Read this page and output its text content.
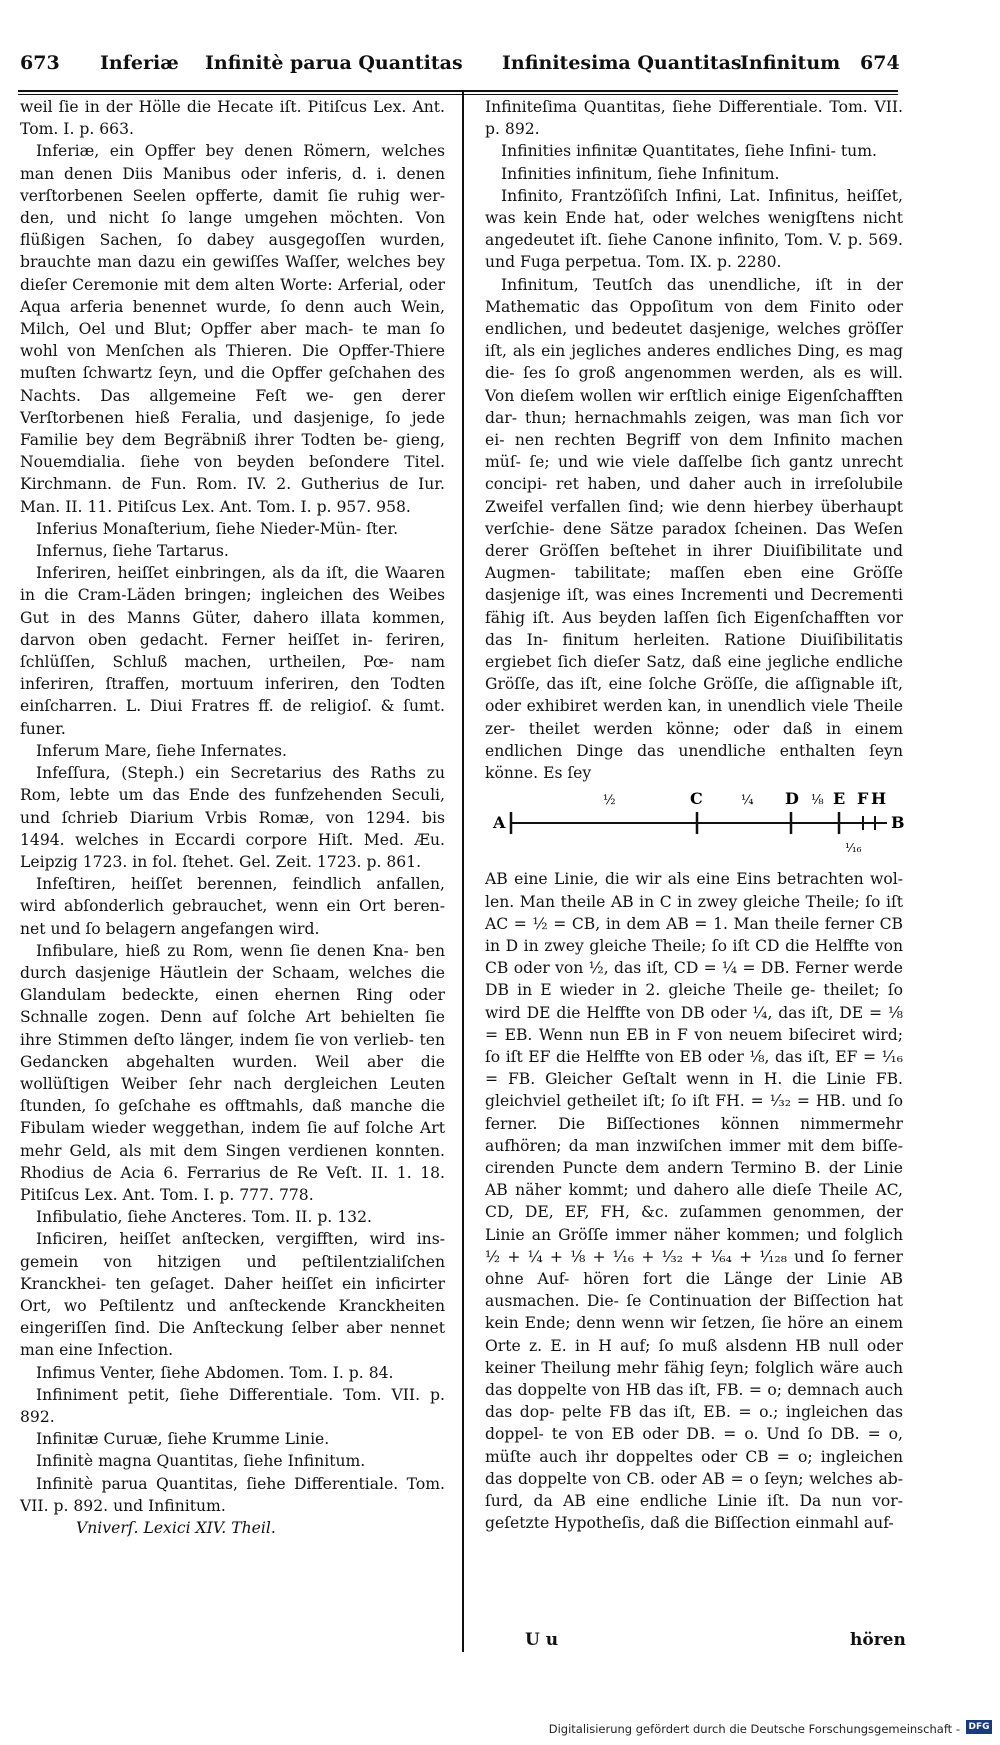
673 Inferiæ Infinitè parua Quantitas Infinitesima Quantitas
Infinitum 674

weil ſie in der Hölle die Hecate iſt. Pitiſcus Lex. Ant. Tom. I. p. 663.

Inferiæ, ein Opffer bey denen Römern, welches man denen Diis Manibus oder inferis, d. i. denen verſtorbenen Seelen opfferte, damit ſie ruhig wer- den, und nicht ſo lange umgehen möchten. Von flüßigen Sachen, ſo dabey ausgegoſſen wurden, brauchte man dazu ein gewiſſes Waſſer, welches bey dieſer Ceremonie mit dem alten Worte: Arferial, oder Aqua arferia benennet wurde, ſo denn auch Wein, Milch, Oel und Blut; Opffer aber mach- te man ſo wohl von Menſchen als Thieren. Die Opffer-Thiere muſten ſchwartz ſeyn, und die Opffer geſchahen des Nachts. Das allgemeine Feſt we- gen derer Verſtorbenen hieß Feralia, und dasjenige, ſo jede Familie bey dem Begräbniß ihrer Todten be- gieng, Nouemdialia. ſiehe von beyden beſondere Titel. Kirchmann. de Fun. Rom. IV. 2. Gutherius de Iur. Man. II. 11. Pitiſcus Lex. Ant. Tom. I. p. 957. 958.

Inferius Monaſterium, ſiehe Nieder-Mün- ſter.

Infernus, ſiehe Tartarus.

Inferiren, heiſſet einbringen, als da iſt, die Waaren in die Cram-Läden bringen; ingleichen des Weibes Gut in des Manns Güter, dahero illata kommen, darvon oben gedacht. Ferner heiſſet in- feriren, ſchlüſſen, Schluß machen, urtheilen, Pœ- nam inferiren, ſtraffen, mortuum inferiren, den Todten einſcharren. L. Diui Fratres ff. de religioſ. & ſumt. funer.

Inferum Mare, ſiehe Infernates.

Infeſſura, (Steph.) ein Secretarius des Raths zu Rom, lebte um das Ende des funfzehenden Seculi, und ſchrieb Diarium Vrbis Romæ, von 1294. bis 1494. welches in Eccardi corpore Hiſt. Med. Æu. Leipzig 1723. in fol. ſtehet. Gel. Zeit. 1723. p. 861.

Infeſtiren, heiſſet berennen, feindlich anfallen, wird abſonderlich gebrauchet, wenn ein Ort beren- net und ſo belagern angefangen wird.

Infibulare, hieß zu Rom, wenn ſie denen Kna- ben durch dasjenige Häutlein der Schaam, welches die Glandulam bedeckte, einen ehernen Ring oder Schnalle zogen. Denn auf ſolche Art behielten ſie ihre Stimmen deſto länger, indem ſie von verlieb- ten Gedancken abgehalten wurden. Weil aber die wollüſtigen Weiber ſehr nach dergleichen Leuten ſtunden, ſo geſchahe es offtmahls, daß manche die Fibulam wieder weggethan, indem ſie auf ſolche Art mehr Geld, als mit dem Singen verdienen konnten. Rhodius de Acia 6. Ferrarius de Re Veſt. II. 1. 18. Pitiſcus Lex. Ant. Tom. I. p. 777. 778.

Infibulatio, ſiehe Ancteres. Tom. II. p. 132.

Inficiren, heiſſet anſtecken, vergifften, wird ins- gemein von hitzigen und peſtilentzialiſchen Kranckhei- ten geſaget. Daher heiſſet ein inficirter Ort, wo Peſtilentz und anſteckende Kranckheiten eingeriſſen ſind. Die Anſteckung ſelber aber nennet man eine Infection.

Infimus Venter, ſiehe Abdomen. Tom. I. p. 84.

Infiniment petit, ſiehe Differentiale. Tom. VII. p. 892.

Infinitæ Curuæ, ſiehe Krumme Linie.

Infinitè magna Quantitas, ſiehe Infinitum.

Infinitè parua Quantitas, ſiehe Differentiale. Tom. VII. p. 892. und Infinitum.

Vniverſ. Lexici XIV. Theil.

Infiniteſima Quantitas, ſiehe Differentiale. Tom. VII. p. 892.

Infinities infinitæ Quantitates, ſiehe Infini- tum.

Infinities infinitum, ſiehe Infinitum.

Infinito, Frantzöſiſch Infini, Lat. Infinitus, heiſſet, was kein Ende hat, oder welches wenigſtens nicht angedeutet iſt. ſiehe Canone infinito, Tom. V. p. 569. und Fuga perpetua. Tom. IX. p. 2280.

Infinitum, Teutſch das unendliche, iſt in der Mathematic das Oppoſitum von dem Finito oder endlichen, und bedeutet dasjenige, welches gröſſer iſt, als ein jegliches anderes endliches Ding, es mag die- ſes ſo groß angenommen werden, als es will. Von dieſem wollen wir erſtlich einige Eigenſchafften dar- thun; hernachmahls zeigen, was man ſich vor ei- nen rechten Begriff von dem Infinito machen müſ- ſe; und wie viele daſſelbe ſich gantz unrecht concipi- ret haben, und daher auch in irreſolubile Zweifel verfallen ſind; wie denn hierbey überhaupt verſchie- dene Sätze paradox ſcheinen. Das Weſen derer Gröſſen beſtehet in ihrer Diuiſibilitate und Augmen- tabilitate; maſſen eben eine Gröſſe dasjenige iſt, was eines Incrementi und Decrementi fähig iſt. Aus beyden laſſen ſich Eigenſchafften vor das In- finitum herleiten. Ratione Diuiſibilitatis ergiebet ſich dieſer Satz, daß eine jegliche endliche Gröſſe, das iſt, eine ſolche Gröſſe, die aſſignable iſt, oder exhibiret werden kan, in unendlich viele Theile zer- theilet werden könne; oder daß in einem endlichen Dinge das unendliche enthalten ſeyn könne. Es ſey

A	B
½	C	¼ D ⅛ E F H
¹⁄₁₆

AB eine Linie, die wir als eine Eins betrachten wol- len. Man theile AB in C in zwey gleiche Theile; ſo iſt AC = ½ = CB, in dem AB = 1. Man theile ferner CB in D in zwey gleiche Theile; ſo iſt CD die Helffte von CB oder von ½, das iſt, CD = ¼ = DB. Ferner werde DB in E wieder in 2. gleiche Theile ge- theilet; ſo wird DE die Helffte von DB oder ¼, das iſt, DE = ⅛ = EB. Wenn nun EB in F von neuem biſeciret wird; ſo iſt EF die Helffte von EB oder ⅛, das iſt, EF = ¹⁄₁₆ = FB. Gleicher Geſtalt wenn in H. die Linie FB. gleichviel getheilet iſt; ſo iſt FH. = ¹⁄₃₂ = HB. und ſo ferner. Die Biſſectiones können nimmermehr aufhören; da man inzwiſchen immer mit dem biſſe- cirenden Puncte dem andern Termino B. der Linie AB näher kommt; und dahero alle dieſe Theile AC, CD, DE, EF, FH, &c. zuſammen genommen, der Linie an Gröſſe immer näher kommen; und folglich ½ + ¼ + ⅛ + ¹⁄₁₆ + ¹⁄₃₂ + ¹⁄₆₄ + ¹⁄₁₂₈ und ſo ferner ohne Auf- hören fort die Länge der Linie AB ausmachen. Die- ſe Continuation der Biſſection hat kein Ende; denn wenn wir ſetzen, ſie höre an einem Orte z. E. in H auf; ſo muß alsdenn HB null oder keiner Theilung mehr fähig ſeyn; folglich wäre auch das doppelte von HB das iſt, FB. = o; demnach auch das dop- pelte FB das iſt, EB. = o.; ingleichen das doppel- te von EB oder DB. = o. Und ſo DB. = o, müſte auch ihr doppeltes oder CB = o; ingleichen das doppelte von CB. oder AB = o ſeyn; welches ab- ſurd, da AB eine endliche Linie iſt. Da nun vor- geſetzte Hypotheſis, daß die Biſſection einmahl auf-

U u	hören
Digitalisierung gefördert durch die Deutsche Forschungsgemeinschaft - DFG
